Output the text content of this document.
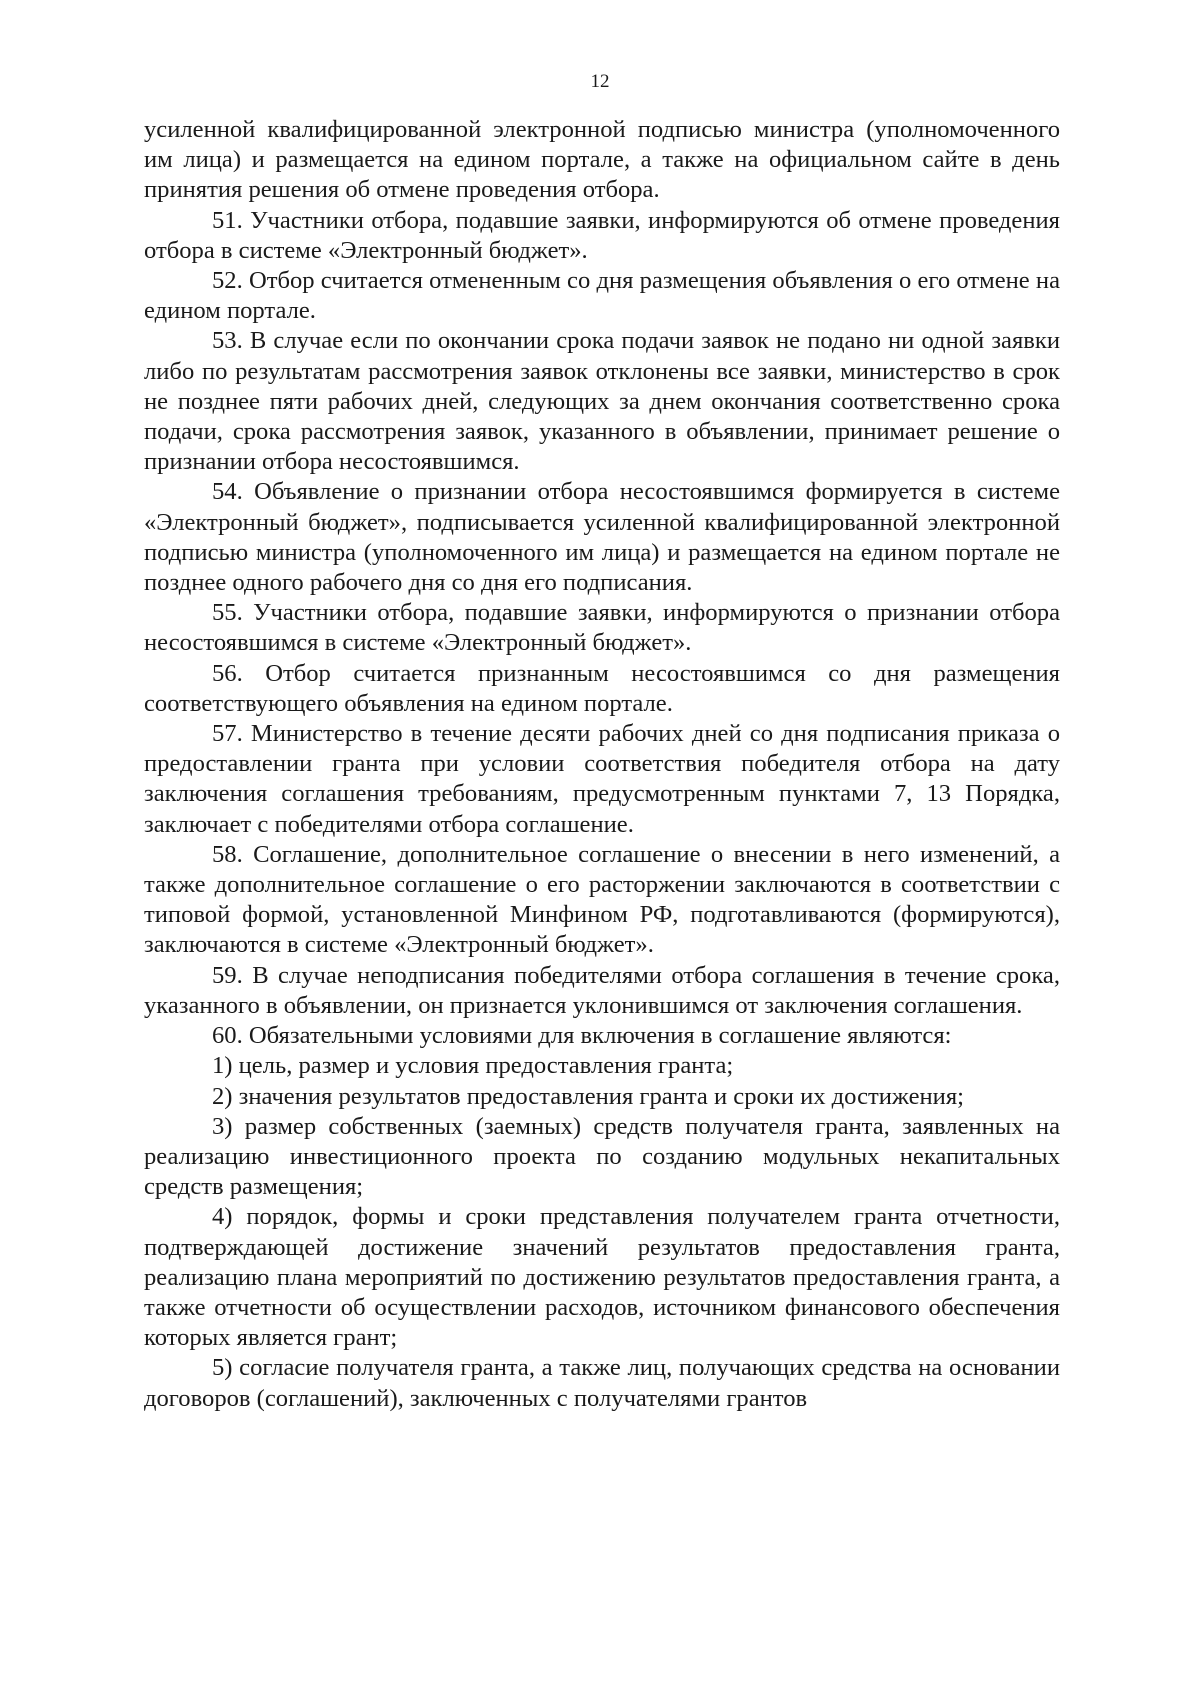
12

усиленной квалифицированной электронной подписью министра (уполномоченного им лица) и размещается на едином портале, а также на официальном сайте в день принятия решения об отмене проведения отбора.

51. Участники отбора, подавшие заявки, информируются об отмене проведения отбора в системе «Электронный бюджет».

52. Отбор считается отмененным со дня размещения объявления о его отмене на едином портале.

53. В случае если по окончании срока подачи заявок не подано ни одной заявки либо по результатам рассмотрения заявок отклонены все заявки, министерство в срок не позднее пяти рабочих дней, следующих за днем окончания соответственно срока подачи, срока рассмотрения заявок, указанного в объявлении, принимает решение о признании отбора несостоявшимся.

54. Объявление о признании отбора несостоявшимся формируется в системе «Электронный бюджет», подписывается усиленной квалифицированной электронной подписью министра (уполномоченного им лица) и размещается на едином портале не позднее одного рабочего дня со дня его подписания.

55. Участники отбора, подавшие заявки, информируются о признании отбора несостоявшимся в системе «Электронный бюджет».

56. Отбор считается признанным несостоявшимся со дня размещения соответствующего объявления на едином портале.

57. Министерство в течение десяти рабочих дней со дня подписания приказа о предоставлении гранта при условии соответствия победителя отбора на дату заключения соглашения требованиям, предусмотренным пунктами 7, 13 Порядка, заключает с победителями отбора соглашение.

58. Соглашение, дополнительное соглашение о внесении в него изменений, а также дополнительное соглашение о его расторжении заключаются в соответствии с типовой формой, установленной Минфином РФ, подготавливаются (формируются), заключаются в системе «Электронный бюджет».

59. В случае неподписания победителями отбора соглашения в течение срока, указанного в объявлении, он признается уклонившимся от заключения соглашения.

60. Обязательными условиями для включения в соглашение являются:

1) цель, размер и условия предоставления гранта;

2) значения результатов предоставления гранта и сроки их достижения;

3) размер собственных (заемных) средств получателя гранта, заявленных на реализацию инвестиционного проекта по созданию модульных некапитальных средств размещения;

4) порядок, формы и сроки представления получателем гранта отчетности, подтверждающей достижение значений результатов предоставления гранта, реализацию плана мероприятий по достижению результатов предоставления гранта, а также отчетности об осуществлении расходов, источником финансового обеспечения которых является грант;

5) согласие получателя гранта, а также лиц, получающих средства на основании договоров (соглашений), заключенных с получателями грантов
